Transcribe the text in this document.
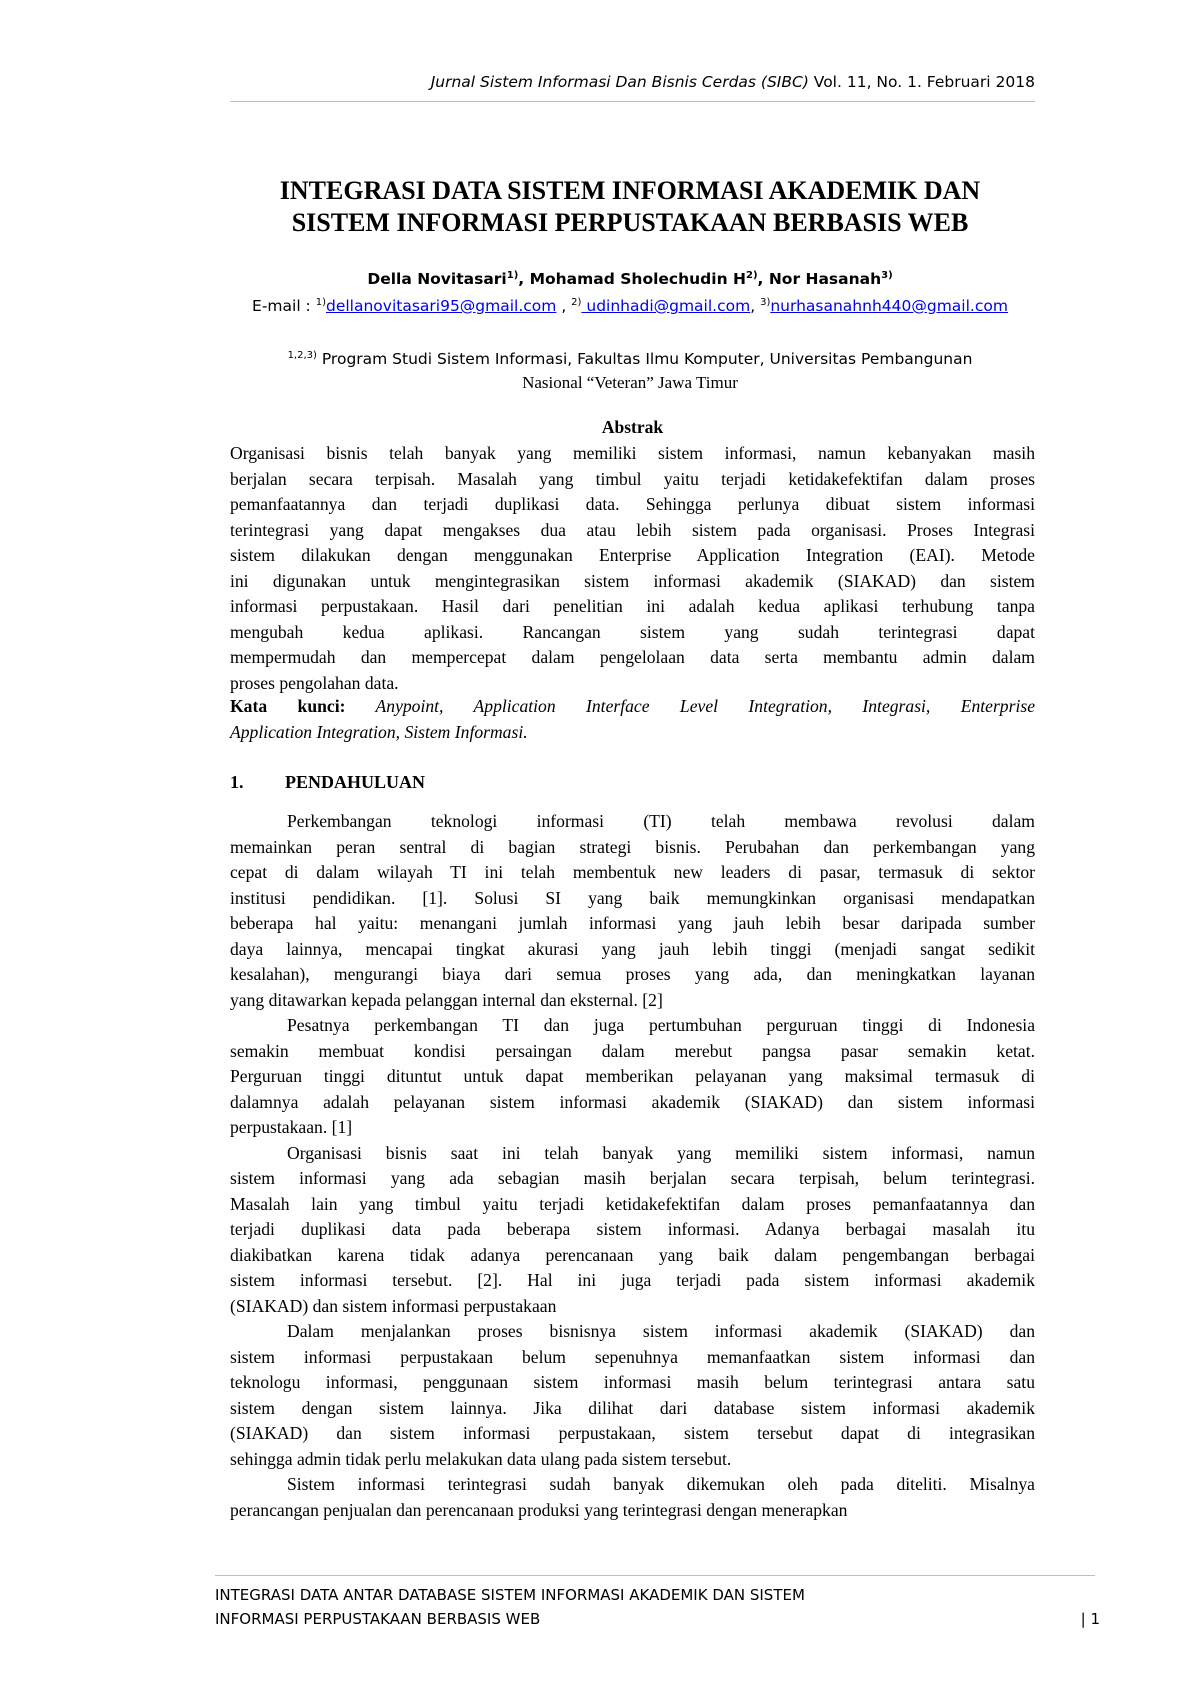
Jurnal Sistem Informasi Dan Bisnis Cerdas (SIBC) Vol. 11, No. 1. Februari 2018
INTEGRASI DATA SISTEM INFORMASI AKADEMIK DAN
SISTEM INFORMASI PERPUSTAKAAN BERBASIS WEB
Della Novitasari$^{1)}$, Mohamad Sholechudin $H^{2)}$, Nor Hasanah$^{3)}$
E-mail : $^{1)}$dellanovitasari95@gmail.com , $^{2)}$ udinhadi@gmail.com, $^{3)}$nurhasanahnh440@gmail.com
$^{1,2,3)}$ Program Studi Sistem Informasi, Fakultas Ilmu Komputer, Universitas Pembangunan
Nasional “Veteran” Jawa Timur
Abstrak
Organisasi bisnis telah banyak yang memiliki sistem informasi, namun kebanyakan masih
berjalan secara terpisah. Masalah yang timbul yaitu terjadi ketidakefektifan dalam proses
pemanfaatannya dan terjadi duplikasi data. Sehingga perlunya dibuat sistem informasi
terintegrasi yang dapat mengakses dua atau lebih sistem pada organisasi. Proses Integrasi
sistem dilakukan dengan menggunakan Enterprise Application Integration (EAI). Metode
ini digunakan untuk mengintegrasikan sistem informasi akademik (SIAKAD) dan sistem
informasi perpustakaan. Hasil dari penelitian ini adalah kedua aplikasi terhubung tanpa
mengubah kedua aplikasi. Rancangan sistem yang sudah terintegrasi dapat
mempermudah dan mempercepat dalam pengelolaan data serta membantu admin dalam
proses pengolahan data.
Kata kunci: Anypoint, Application Interface Level Integration, Integrasi, Enterprise
Application Integration, Sistem Informasi.
1. PENDAHULUAN
Perkembangan teknologi informasi (TI) telah membawa revolusi dalam
memainkan peran sentral di bagian strategi bisnis. Perubahan dan perkembangan yang
cepat di dalam wilayah TI ini telah membentuk new leaders di pasar, termasuk di sektor
institusi pendidikan. [1]. Solusi SI yang baik memungkinkan organisasi mendapatkan
beberapa hal yaitu: menangani jumlah informasi yang jauh lebih besar daripada sumber
daya lainnya, mencapai tingkat akurasi yang jauh lebih tinggi (menjadi sangat sedikit
kesalahan), mengurangi biaya dari semua proses yang ada, dan meningkatkan layanan
yang ditawarkan kepada pelanggan internal dan eksternal. [2]
Pesatnya perkembangan TI dan juga pertumbuhan perguruan tinggi di Indonesia
semakin membuat kondisi persaingan dalam merebut pangsa pasar semakin ketat.
Perguruan tinggi dituntut untuk dapat memberikan pelayanan yang maksimal termasuk di
dalamnya adalah pelayanan sistem informasi akademik (SIAKAD) dan sistem informasi
perpustakaan. [1]
Organisasi bisnis saat ini telah banyak yang memiliki sistem informasi, namun
sistem informasi yang ada sebagian masih berjalan secara terpisah, belum terintegrasi.
Masalah lain yang timbul yaitu terjadi ketidakefektifan dalam proses pemanfaatannya dan
terjadi duplikasi data pada beberapa sistem informasi. Adanya berbagai masalah itu
diakibatkan karena tidak adanya perencanaan yang baik dalam pengembangan berbagai
sistem informasi tersebut. [2]. Hal ini juga terjadi pada sistem informasi akademik
(SIAKAD) dan sistem informasi perpustakaan
Dalam menjalankan proses bisnisnya sistem informasi akademik (SIAKAD) dan
sistem informasi perpustakaan belum sepenuhnya memanfaatkan sistem informasi dan
teknologu informasi, penggunaan sistem informasi masih belum terintegrasi antara satu
sistem dengan sistem lainnya. Jika dilihat dari database sistem informasi akademik
(SIAKAD) dan sistem informasi perpustakaan, sistem tersebut dapat di integrasikan
sehingga admin tidak perlu melakukan data ulang pada sistem tersebut.
Sistem informasi terintegrasi sudah banyak dikemukan oleh pada diteliti. Misalnya
perancangan penjualan dan perencanaan produksi yang terintegrasi dengan menerapkan
INTEGRASI DATA ANTAR DATABASE SISTEM INFORMASI AKADEMIK DAN SISTEM
INFORMASI PERPUSTAKAAN BERBASIS WEB	| 1
